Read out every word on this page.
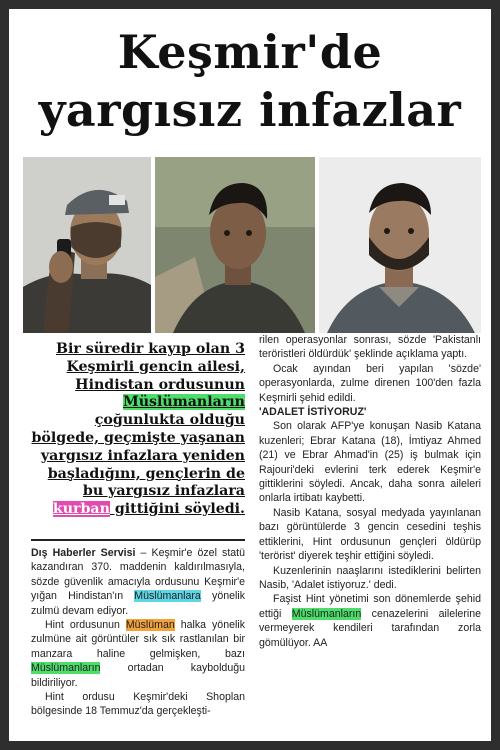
Keşmir'de
yargısız infazlar
Bir süredir kayıp olan 3 Keşmirli gencin ailesi, Hindistan ordusunun Müslümanların çoğunlukta olduğu bölgede, geçmişte yaşanan yargısız infazlara yeniden başladığını, gençlerin de bu yargısız infazlara kurban gittiğini söyledi.

Dış Haberler Servisi – Keşmir'e özel statü kazandıran 370. maddenin kaldırılmasıyla, sözde güvenlik amacıyla ordusunu Keşmir'e yığan Hindistan'ın Müslümanlara yönelik zulmü devam ediyor.

Hint ordusunun Müslüman halka yönelik zulmüne ait görüntüler sık sık rastlanılan bir manzara haline gelmişken, bazı Müslümanların ortadan kaybolduğu bildiriliyor.

Hint ordusu Keşmir'deki Shoplan bölgesinde 18 Temmuz'da gerçekleşti-

rilen operasyonlar sonrası, sözde 'Pakistanlı teröristleri öldürdük' şeklinde açıklama yaptı.

Ocak ayından beri yapılan 'sözde' operasyonlarda, zulme direnen 100'den fazla Keşmirli şehid edildi.

'ADALET İSTİYORUZ'

Son olarak AFP'ye konuşan Nasib Katana kuzenleri; Ebrar Katana (18), İmtiyaz Ahmed (21) ve Ebrar Ahmad'in (25) iş bulmak için Rajouri'deki evlerini terk ederek Keşmir'e gittiklerini söyledi. Ancak, daha sonra aileleri onlarla irtibatı kaybetti.

Nasib Katana, sosyal medyada yayınlanan bazı görüntülerde 3 gencin cesedini teşhis ettiklerini, Hint ordusunun gençleri öldürüp 'terörist' diyerek teşhir ettiğini söyledi.

Kuzenlerinin naaşlarını istediklerini belirten Nasib, 'Adalet istiyoruz.' dedi.

Faşist Hint yönetimi son dönemlerde şehid ettiği Müslümanların cenazelerini ailelerine vermeyerek kendileri tarafından zorla gömülüyor. AA
